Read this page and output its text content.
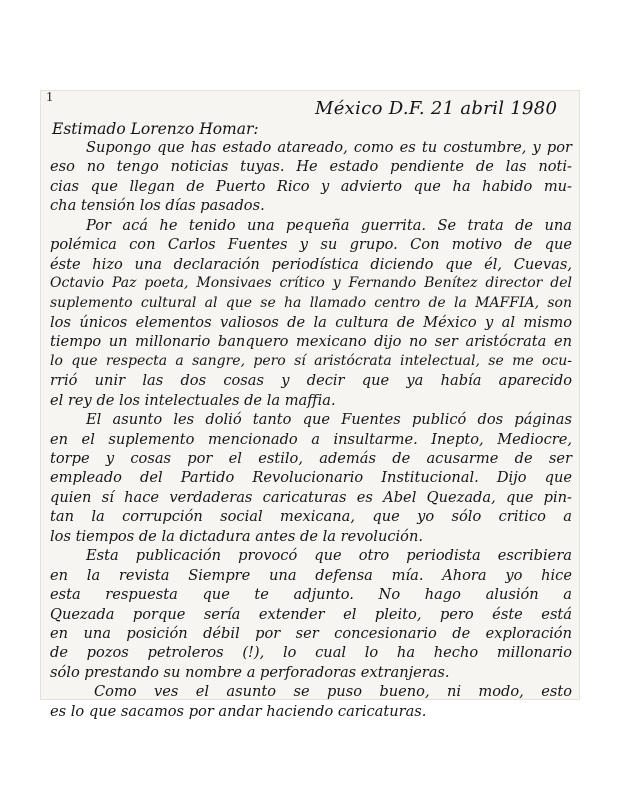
1
México D.F. 21 abril 1980
Estimado Lorenzo Homar:
Supongo que has estado atareado, como es tu costumbre, y por
eso no tengo noticias tuyas. He estado pendiente de las noti-
cias que llegan de Puerto Rico y advierto que ha habido mu-
cha tensión los días pasados.
Por acá he tenido una pequeña guerrita. Se trata de una
polémica con Carlos Fuentes y su grupo. Con motivo de que
éste hizo una declaración periodística diciendo que él, Cuevas,
Octavio Paz poeta, Monsivaes crítico y Fernando Benítez director del
suplemento cultural al que se ha llamado centro de la MAFFIA, son
los únicos elementos valiosos de la cultura de México y al mismo
tiempo un millonario banquero mexicano dijo no ser aristócrata en
lo que respecta a sangre, pero sí aristócrata intelectual, se me ocu-
rrió unir las dos cosas y decir que ya había aparecido
el rey de los intelectuales de la maffia.
El asunto les dolió tanto que Fuentes publicó dos páginas
en el suplemento mencionado a insultarme. Inepto, Mediocre,
torpe y cosas por el estilo, además de acusarme de ser
empleado del Partido Revolucionario Institucional. Dijo que
quien sí hace verdaderas caricaturas es Abel Quezada, que pin-
tan la corrupción social mexicana, que yo sólo critico a
los tiempos de la dictadura antes de la revolución.
Esta publicación provocó que otro periodista escribiera
en la revista Siempre una defensa mía. Ahora yo hice
esta respuesta que te adjunto. No hago alusión a
Quezada porque sería extender el pleito, pero éste está
en una posición débil por ser concesionario de exploración
de pozos petroleros (!), lo cual lo ha hecho millonario
sólo prestando su nombre a perforadoras extranjeras.
Como ves el asunto se puso bueno, ni modo, esto
es lo que sacamos por andar haciendo caricaturas.
